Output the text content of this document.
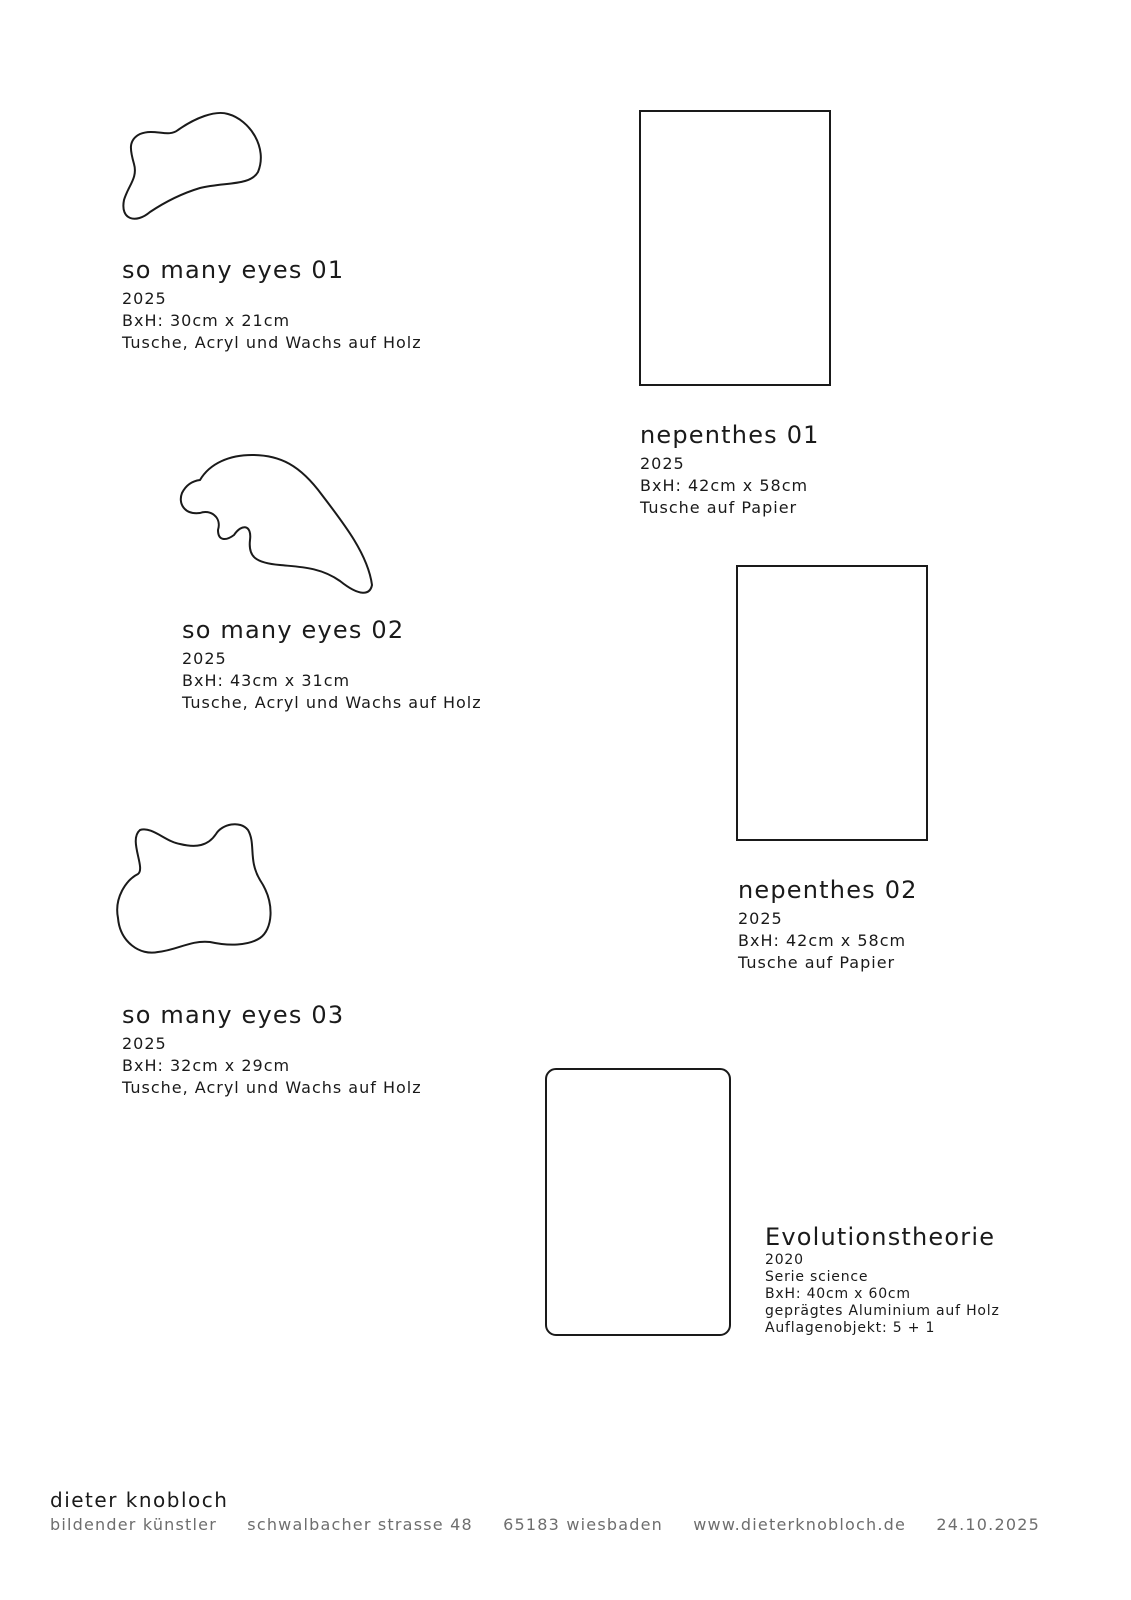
so many eyes 01
2025
BxH: 30cm x 21cm
Tusche, Acryl und Wachs auf Holz
nepenthes 01
2025
BxH: 42cm x 58cm
Tusche auf Papier
so many eyes 02
2025
BxH: 43cm x 31cm
Tusche, Acryl und Wachs auf Holz
nepenthes 02
2025
BxH: 42cm x 58cm
Tusche auf Papier
so many eyes 03
2025
BxH: 32cm x 29cm
Tusche, Acryl und Wachs auf Holz
Evolutionstheorie
2020
Serie science
BxH: 40cm x 60cm
geprägtes Aluminium auf Holz
Auflagenobjekt: 5 + 1
dieter knobloch
bildender künstler schwalbacher strasse 48 65183 wiesbaden www.dieterknobloch.de 24.10.2025
